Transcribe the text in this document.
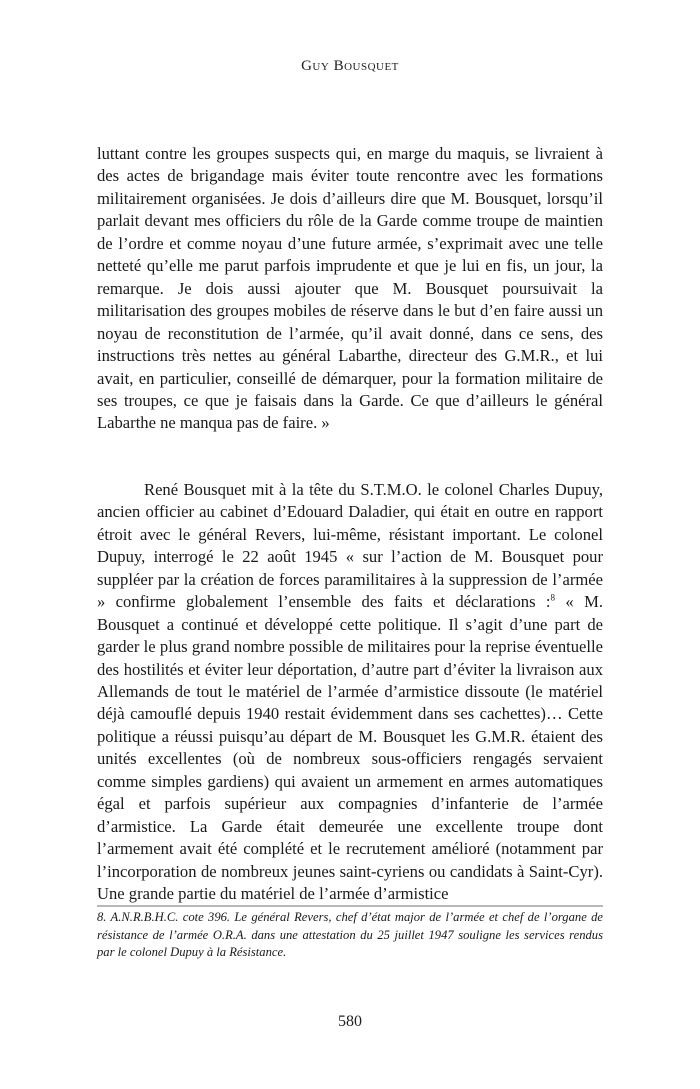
Guy Bousquet

luttant contre les groupes suspects qui, en marge du maquis, se livraient à des actes de brigandage mais éviter toute rencontre avec les formations militairement organisées. Je dois d’ailleurs dire que M. Bousquet, lorsqu’il parlait devant mes officiers du rôle de la Garde comme troupe de maintien de l’ordre et comme noyau d’une future armée, s’exprimait avec une telle netteté qu’elle me parut parfois imprudente et que je lui en fis, un jour, la remarque. Je dois aussi ajouter que M. Bousquet poursuivait la militarisation des groupes mobiles de réserve dans le but d’en faire aussi un noyau de reconstitution de l’armée, qu’il avait donné, dans ce sens, des instructions très nettes au général Labarthe, directeur des G.M.R., et lui avait, en particulier, conseillé de démarquer, pour la formation militaire de ses troupes, ce que je faisais dans la Garde. Ce que d’ailleurs le général Labarthe ne manqua pas de faire. »

René Bousquet mit à la tête du S.T.M.O. le colonel Charles Dupuy, ancien officier au cabinet d’Edouard Daladier, qui était en outre en rapport étroit avec le général Revers, lui-même, résistant important. Le colonel Dupuy, interrogé le 22 août 1945 « sur l’action de M. Bousquet pour suppléer par la création de forces paramilitaires à la suppression de l’armée » confirme globalement l’ensemble des faits et déclarations :$^8$ « M. Bousquet a continué et développé cette politique. Il s’agit d’une part de garder le plus grand nombre possible de militaires pour la reprise éventuelle des hostilités et éviter leur déportation, d’autre part d’éviter la livraison aux Allemands de tout le matériel de l’armée d’armistice dissoute (le matériel déjà camouflé depuis 1940 restait évidemment dans ses cachettes)… Cette politique a réussi puisqu’au départ de M. Bousquet les G.M.R. étaient des unités excellentes (où de nombreux sous-officiers rengagés servaient comme simples gardiens) qui avaient un armement en armes automatiques égal et parfois supérieur aux compagnies d’infanterie de l’armée d’armistice. La Garde était demeurée une excellente troupe dont l’armement avait été complété et le recrutement amélioré (notamment par l’incorporation de nombreux jeunes saint-cyriens ou candidats à Saint-Cyr). Une grande partie du matériel de l’armée d’armistice

8. A.N.R.B.H.C. cote 396. Le général Revers, chef d’état major de l’armée et chef de l’organe de résistance de l’armée O.R.A. dans une attestation du 25 juillet 1947 souligne les services rendus par le colonel Dupuy à la Résistance.
580
